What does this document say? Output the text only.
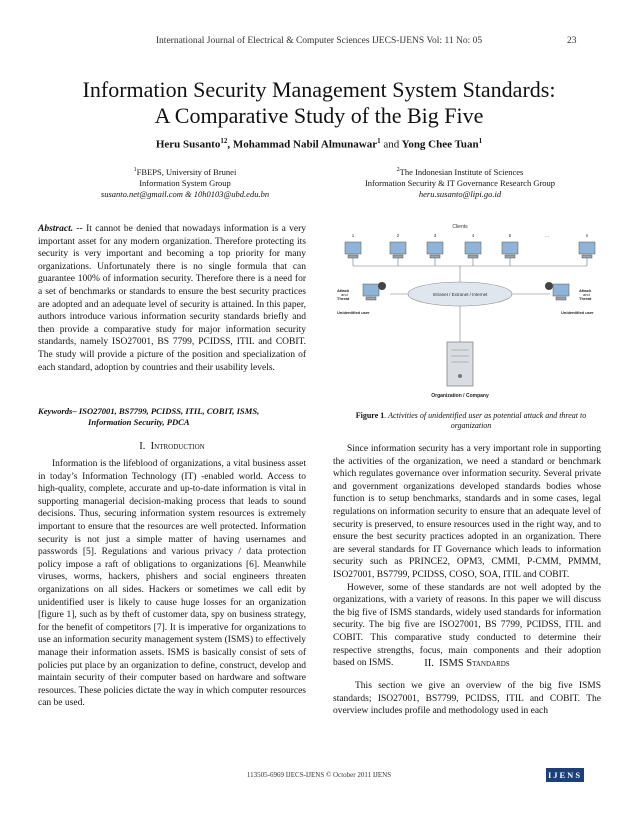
International Journal of Electrical & Computer Sciences IJECS-IJENS Vol: 11 No: 05	23
Information Security Management System Standards:
A Comparative Study of the Big Five
Heru Susanto$^{12}$, Mohammad Nabil Almunawar$^1$ and Yong Chee Tuan$^1$
$^1$FBEPS, University of Brunei
Information System Group
susanto.net@gmail.com & 10h0103@ubd.edu.bn
$^2$The Indonesian Institute of Sciences
Information Security & IT Governance Research Group
heru.susanto@lipi.go.id
Abstract. -- It cannot be denied that nowadays information is a very important asset for any modern organization. Therefore protecting its security is very important and becoming a top priority for many organizations. Unfortunately there is no single formula that can guarantee 100% of information security. Therefore there is a need for a set of benchmarks or standards to ensure the best security practices are adopted and an adequate level of security is attained. In this paper, authors introduce various information security standards briefly and then provide a comparative study for major information security standards, namely ISO27001, BS 7799, PCIDSS, ITIL and COBIT. The study will provide a picture of the position and specialization of each standard, adoption by countries and their usability levels.
Keywords– ISO27001, BS7799, PCIDSS, ITIL, COBIT, ISMS,
Information Security, PDCA
I. Introduction

Information is the lifeblood of organizations, a vital business asset in today’s Information Technology (IT) -enabled world. Access to high-quality, complete, accurate and up-to-date information is vital in supporting managerial decision-making process that leads to sound decisions. Thus, securing information system resources is extremely important to ensure that the resources are well protected. Information security is not just a simple matter of having usernames and passwords [5]. Regulations and various privacy / data protection policy impose a raft of obligations to organizations [6]. Meanwhile viruses, worms, hackers, phishers and social engineers threaten organizations on all sides. Hackers or sometimes we call edit by unidentified user is likely to cause huge losses for an organization [figure 1], such as by theft of customer data, spy on business strategy, for the benefit of competitors [7]. It is imperative for organizations to use an information security management system (ISMS) to effectively manage their information assets. ISMS is basically consist of sets of policies put place by an organization to define, construct, develop and maintain security of their computer based on hardware and software resources. These policies dictate the way in which computer resources can be used.

Clients
1	2	3	4	5	...	n
Intranet / Extranet / Internet
Attack
and
Threat
Unidentified user
Attack
and
Threat
Unidentified user
Organization / Company
Figure 1. Activities of unidentified user as potential attack and threat to organization

Since information security has a very important role in supporting the activities of the organization, we need a standard or benchmark which regulates governance over information security. Several private and government organizations developed standards bodies whose function is to setup benchmarks, standards and in some cases, legal regulations on information security to ensure that an adequate level of security is preserved, to ensure resources used in the right way, and to ensure the best security practices adopted in an organization. There are several standards for IT Governance which leads to information security such as PRINCE2, OPM3, CMMI, P-CMM, PMMM, ISO27001, BS7799, PCIDSS, COSO, SOA, ITIL and COBIT.

However, some of these standards are not well adopted by the organizations, with a variety of reasons. In this paper we will discuss the big five of ISMS standards, widely used standards for information security. The big five are ISO27001, BS 7799, PCIDSS, ITIL and COBIT. This comparative study conducted to determine their respective strengths, focus, main components and their adoption based on ISMS.	II. ISMS Standards

This section we give an overview of the big five ISMS standards; ISO27001, BS7799, PCIDSS, ITIL and COBIT. The overview includes profile and methodology used in each

113505-6969 IJECS-IJENS © October 2011 IJENS	IJENS
